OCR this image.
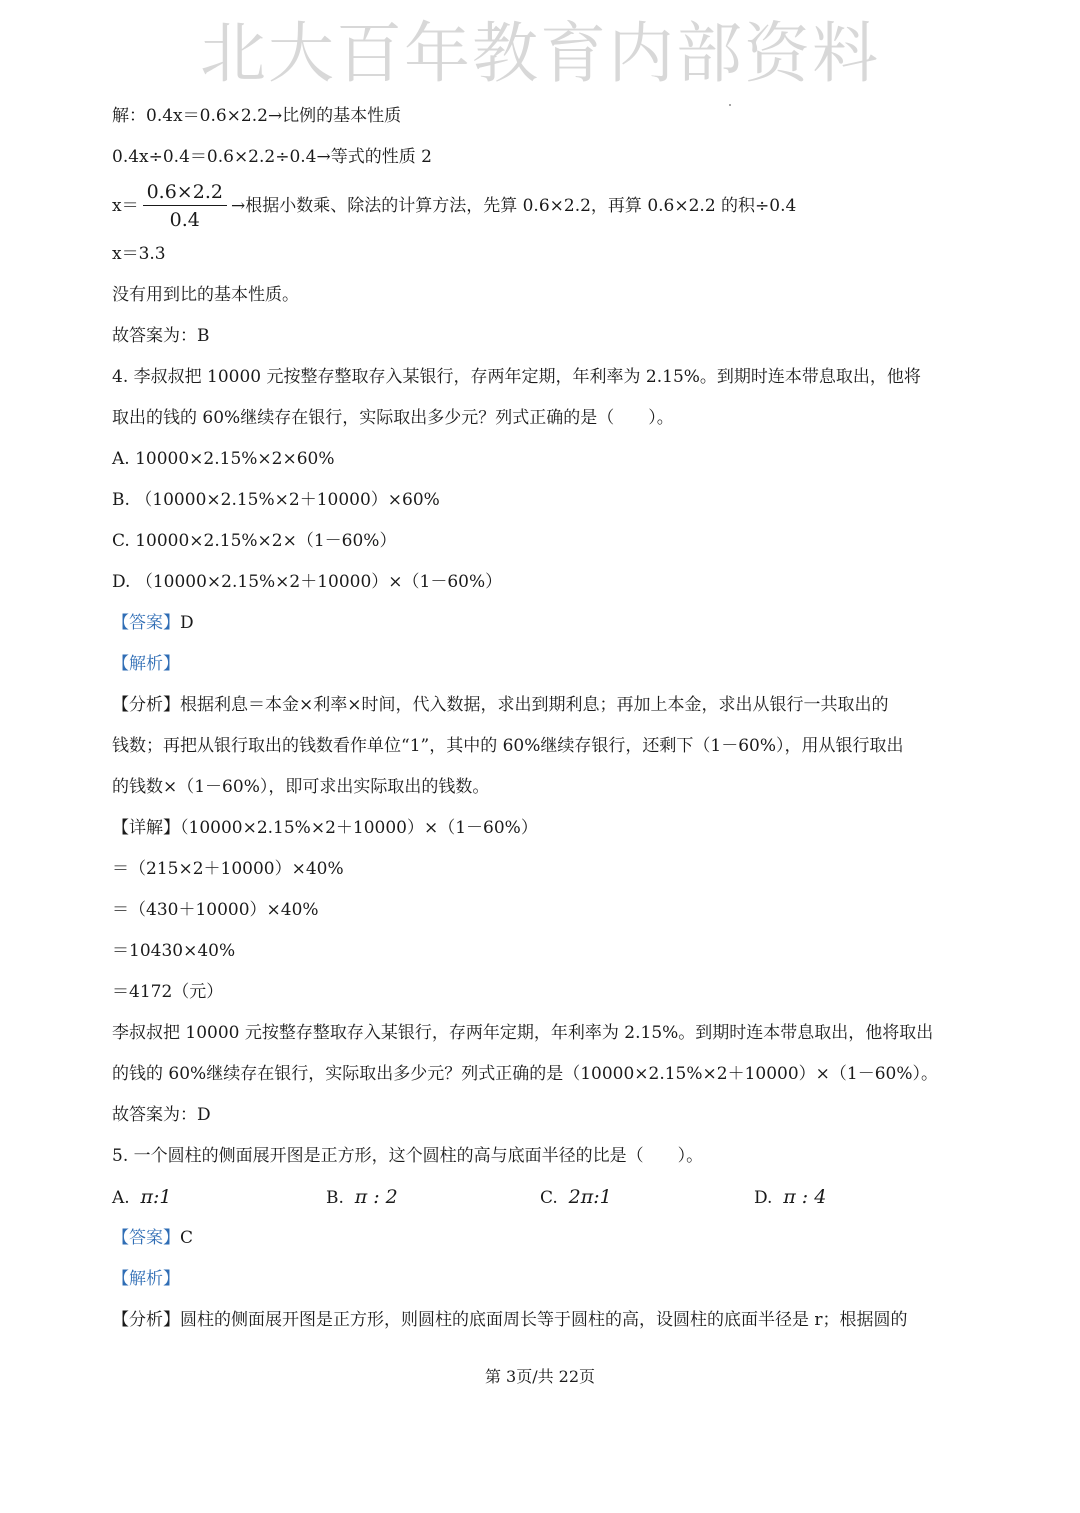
北大百年教育内部资料
解：0.4x＝0.6×2.2→比例的基本性质
0.4x÷0.4＝0.6×2.2÷0.4→等式的性质 2
$x= \frac{0.6\times 2.2}{0.4}$ →根据小数乘、除法的计算方法，先算 0.6×2.2，再算 0.6×2.2 的积÷0.4
x＝3.3
没有用到比的基本性质。
故答案为：B
4. 李叔叔把 10000 元按整存整取存入某银行，存两年定期，年利率为 2.15%。到期时连本带息取出，他将
取出的钱的 60%继续存在银行，实际取出多少元？列式正确的是（　　）。
A. 10000×2.15%×2×60%
B. （10000×2.15%×2＋10000）×60%
C. 10000×2.15%×2×（1－60%）
D. （10000×2.15%×2＋10000）×（1－60%）
【答案】D
【解析】
【分析】根据利息＝本金×利率×时间，代入数据，求出到期利息；再加上本金，求出从银行一共取出的
钱数；再把从银行取出的钱数看作单位“1”，其中的 60%继续存银行，还剩下（1－60%），用从银行取出
的钱数×（1－60%），即可求出实际取出的钱数。
【详解】（10000×2.15%×2＋10000）×（1－60%）
＝（215×2＋10000）×40%
＝（430＋10000）×40%
＝10430×40%
＝4172（元）
李叔叔把 10000 元按整存整取存入某银行，存两年定期，年利率为 2.15%。到期时连本带息取出，他将取出
的钱的 60%继续存在银行，实际取出多少元？列式正确的是（10000×2.15%×2＋10000）×（1－60%）。
故答案为：D
5. 一个圆柱的侧面展开图是正方形，这个圆柱的高与底面半径的比是（　　）。
A. π:1	B. π : 2	C. 2π:1	D. π : 4
【答案】C
【解析】
【分析】圆柱的侧面展开图是正方形，则圆柱的底面周长等于圆柱的高，设圆柱的底面半径是 r；根据圆的
第 3页/共 22页
